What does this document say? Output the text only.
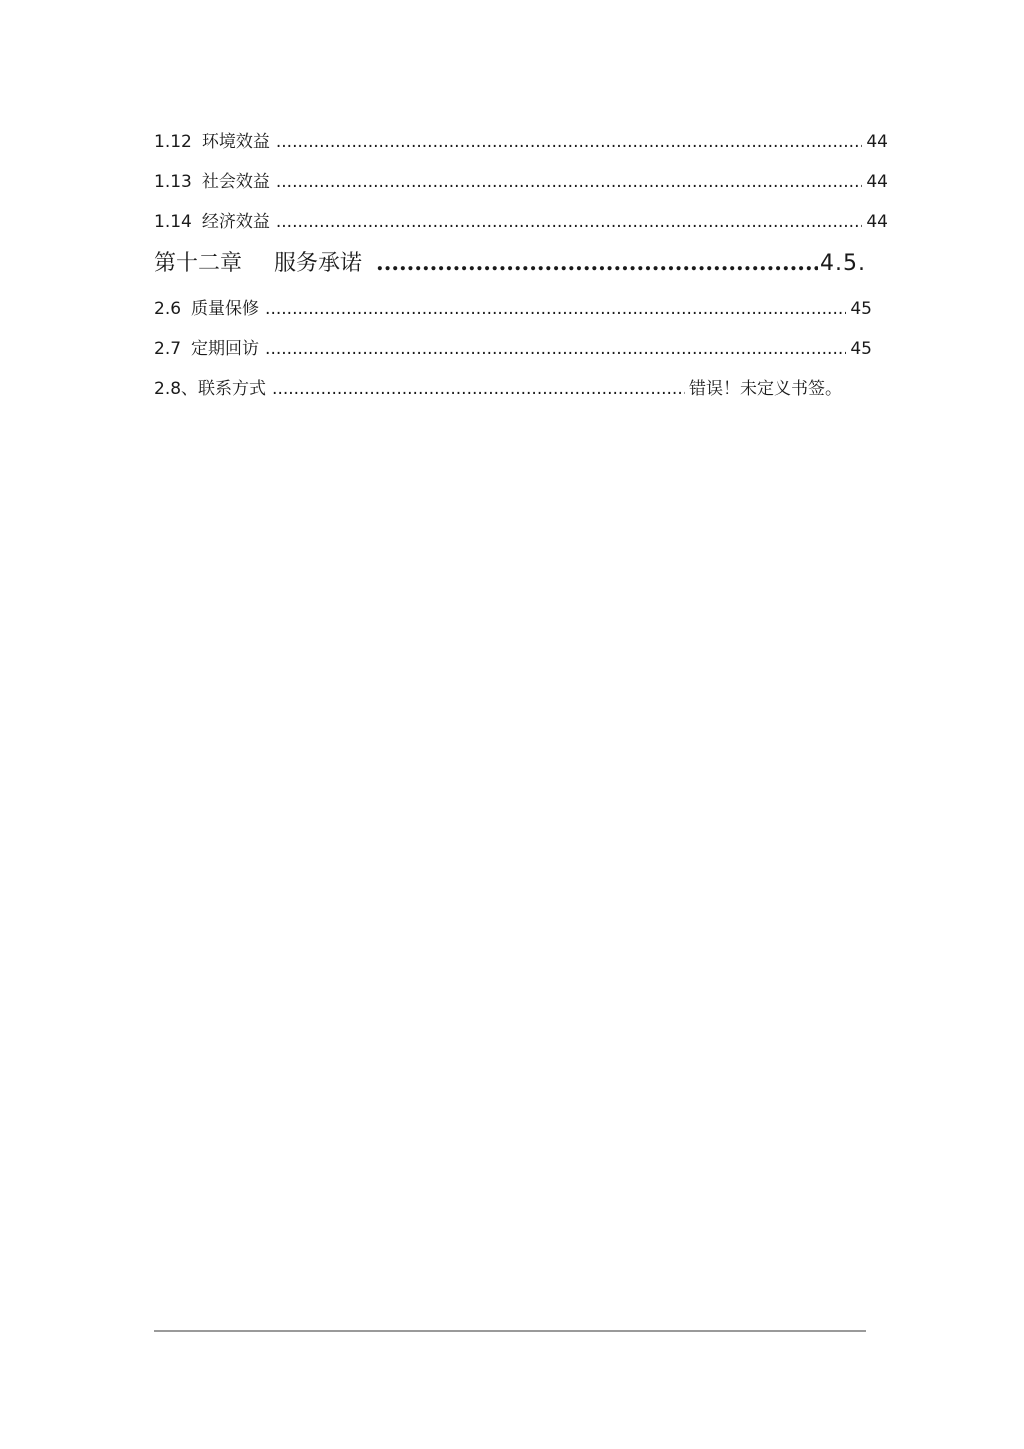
1.12 环境效益 .....	44
1.13 社会效益 .....	44
1.14 经济效益 .....	44
第十二章 服务承诺 .....	4.5.
2.6 质量保修 .....	45
2.7 定期回访 .....	45
2.8、 联系方式 .....	错误！未定义书签。
